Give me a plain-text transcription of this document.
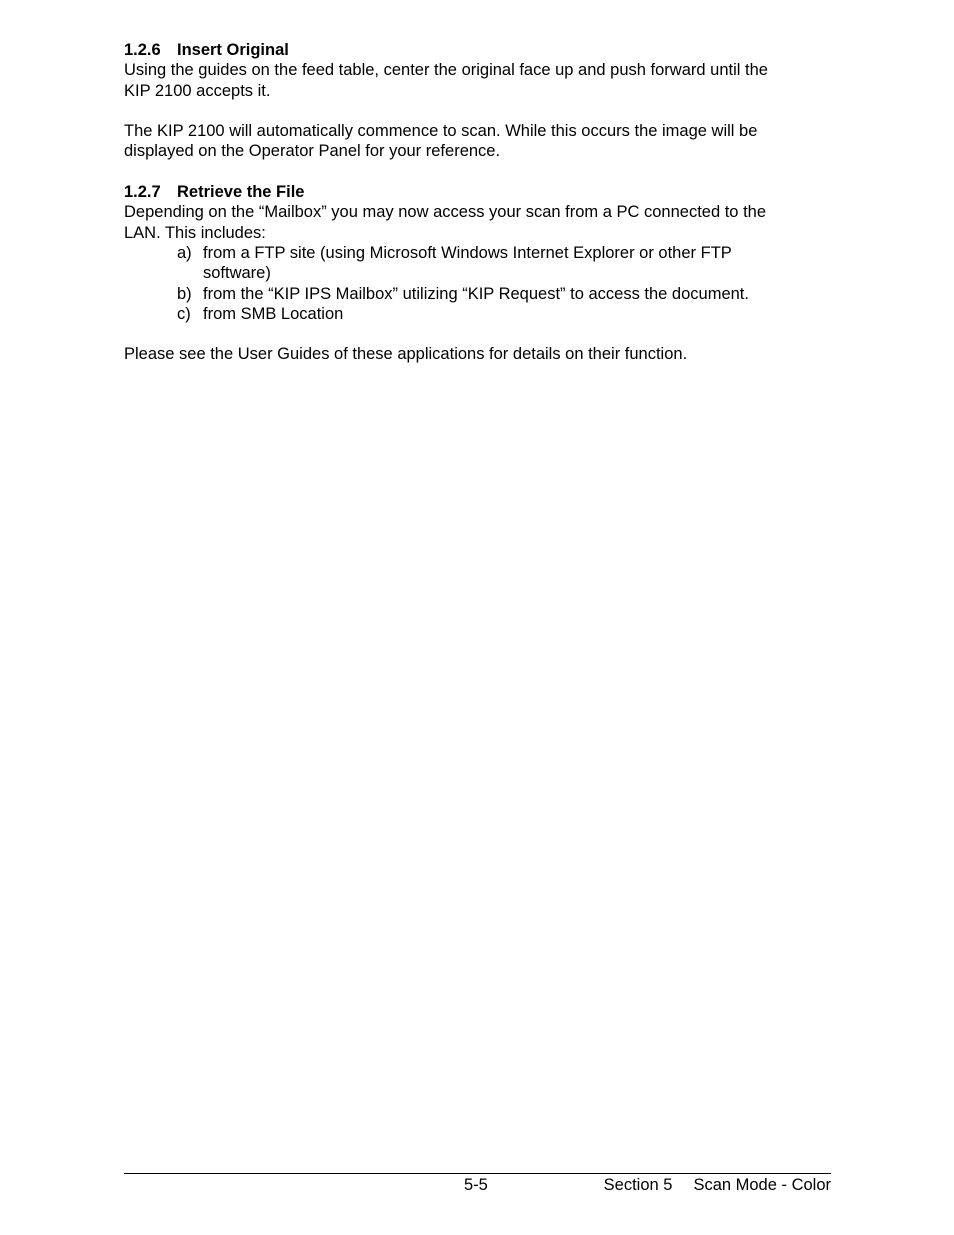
1.2.6 Insert Original

Using the guides on the feed table, center the original face up and push forward until the
KIP 2100 accepts it.

The KIP 2100 will automatically commence to scan. While this occurs the image will be
displayed on the Operator Panel for your reference.

1.2.7 Retrieve the File

Depending on the “Mailbox” you may now access your scan from a PC connected to the
LAN. This includes:

a) from a FTP site (using Microsoft Windows Internet Explorer or other FTP
software)
b) from the “KIP IPS Mailbox” utilizing “KIP Request” to access the document.
c) from SMB Location

Please see the User Guides of these applications for details on their function.

5-5	Section 5 Scan Mode - Color
